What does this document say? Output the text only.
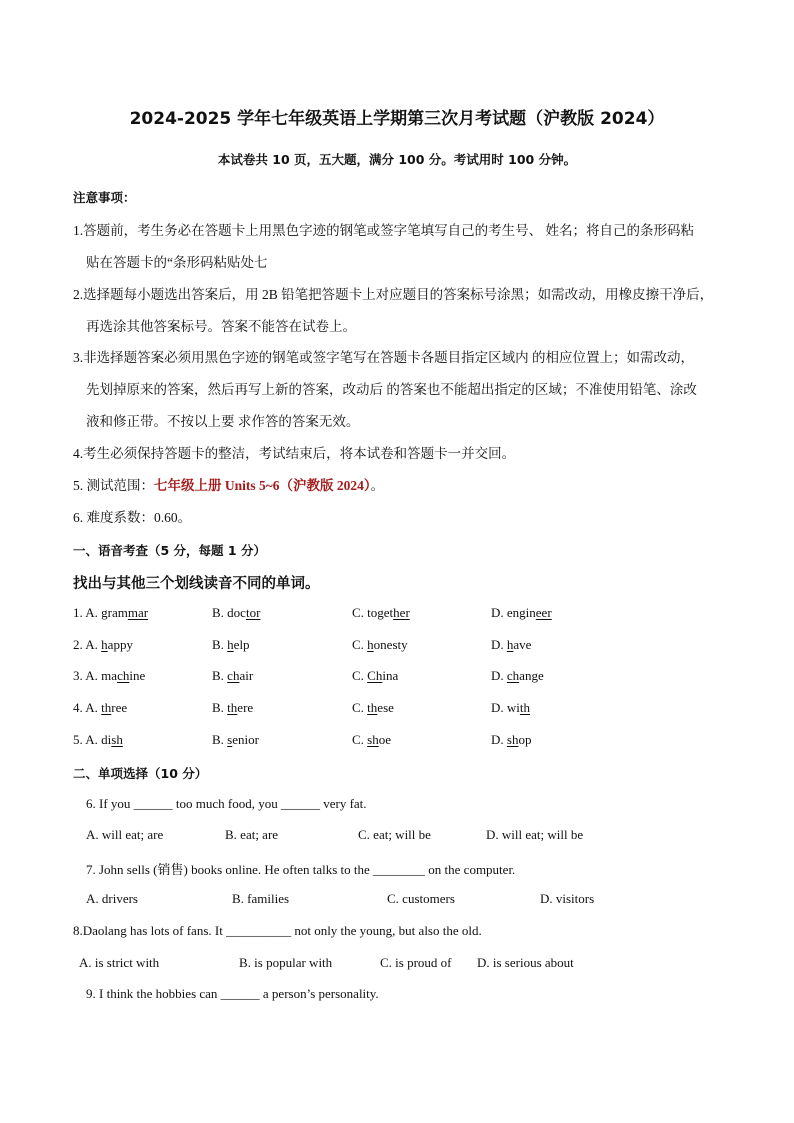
2024-2025 学年七年级英语上学期第三次月考试题（沪教版 2024）
本试卷共 10 页，五大题，满分 100 分。考试用时 100 分钟。
注意事项：
1.答题前，考生务必在答题卡上用黑色字迹的钢笔或签字笔填写自己的考生号、 姓名；将自己的条形码粘
贴在答题卡的“条形码粘贴处七
2.选择题每小题选出答案后，用 2B 铅笔把答题卡上对应题目的答案标号涂黑；如需改动，用橡皮擦干净后，
再选涂其他答案标号。答案不能答在试卷上。
3.非选择题答案必须用黑色字迹的钢笔或签字笔写在答题卡各题目指定区域内 的相应位置上；如需改动，
先划掉原来的答案，然后再写上新的答案，改动后 的答案也不能超出指定的区域；不准使用铅笔、涂改
液和修正带。不按以上要 求作答的答案无效。
4.考生必须保持答题卡的整洁，考试结束后，将本试卷和答题卡一并交回。
5. 测试范围：七年级上册 Units 5~6（沪教版 2024）。
6. 难度系数：0.60。
一、语音考查（5 分，每题 1 分）
找出与其他三个划线读音不同的单词。
1. A. grammar	B. doctor	C. together	D. engineer
2. A. happy	B. help	C. honesty	D. have
3. A. machine	B. chair	C. China	D. change
4. A. three	B. there	C. these	D. with
5. A. dish	B. senior	C. shoe	D. shop
二、单项选择（10 分）
6. If you ______ too much food, you ______ very fat.
A. will eat; are	B. eat; are	C. eat; will be	D. will eat; will be
7. John sells (销售) books online. He often talks to the ________ on the computer.
A. drivers	B. families	C. customers	D. visitors
8.Daolang has lots of fans. It __________ not only the young, but also the old.
A. is strict with	B. is popular with	C. is proud of D. is serious about
9. I think the hobbies can ______ a person’s personality.
